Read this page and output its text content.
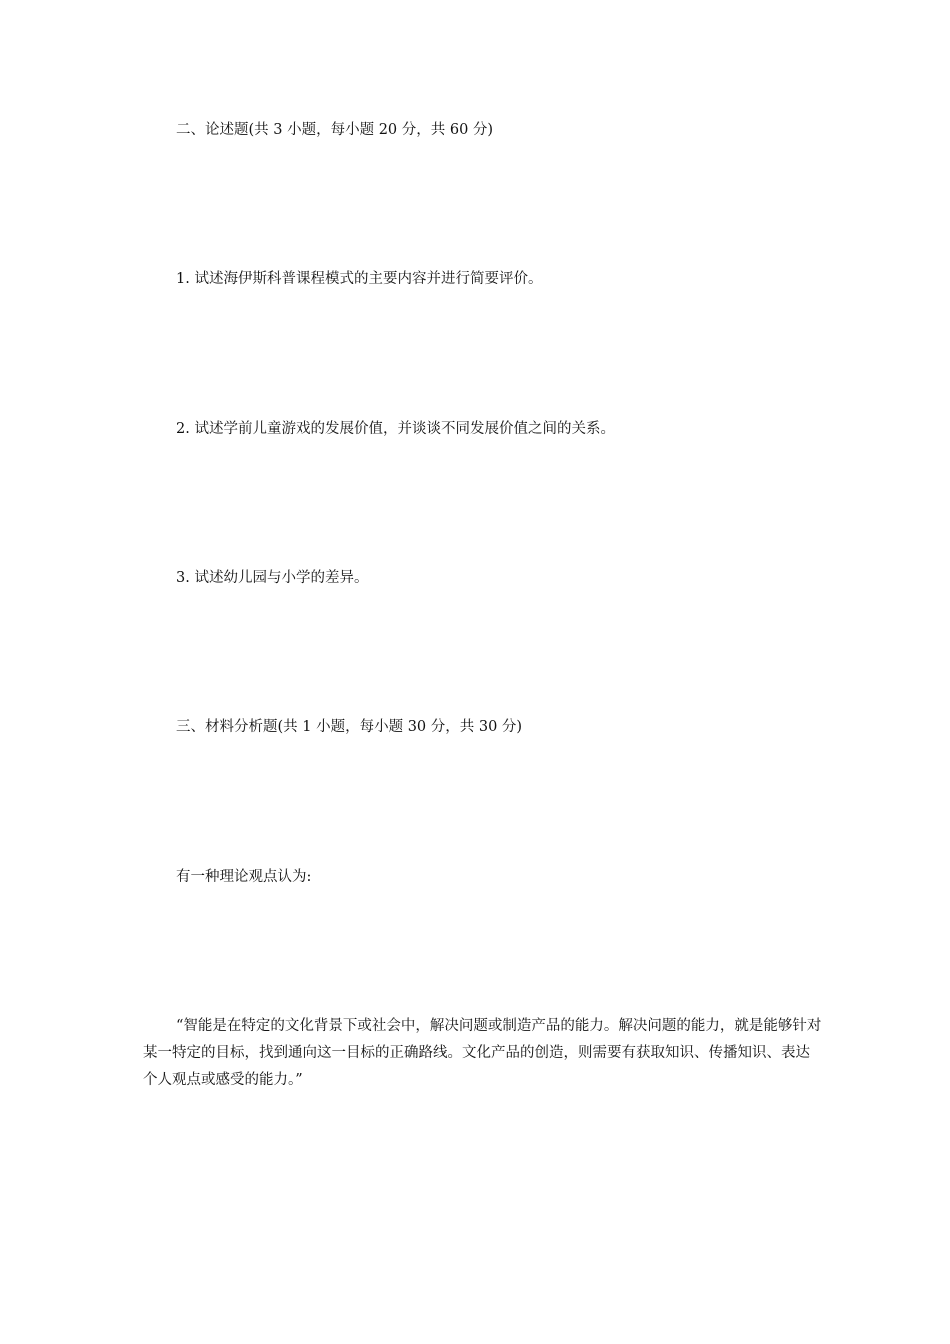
二、论述题(共 3 小题，每小题 20 分，共 60 分)
1. 试述海伊斯科普课程模式的主要内容并进行简要评价。
2. 试述学前儿童游戏的发展价值，并谈谈不同发展价值之间的关系。
3. 试述幼儿园与小学的差异。
三、材料分析题(共 1 小题，每小题 30 分，共 30 分)
有一种理论观点认为:
“智能是在特定的文化背景下或社会中，解决问题或制造产品的能力。解决问题的能力，就是能够针对某一特定的目标，找到通向这一目标的正确路线。文化产品的创造，则需要有获取知识、传播知识、表达个人观点或感受的能力。”
